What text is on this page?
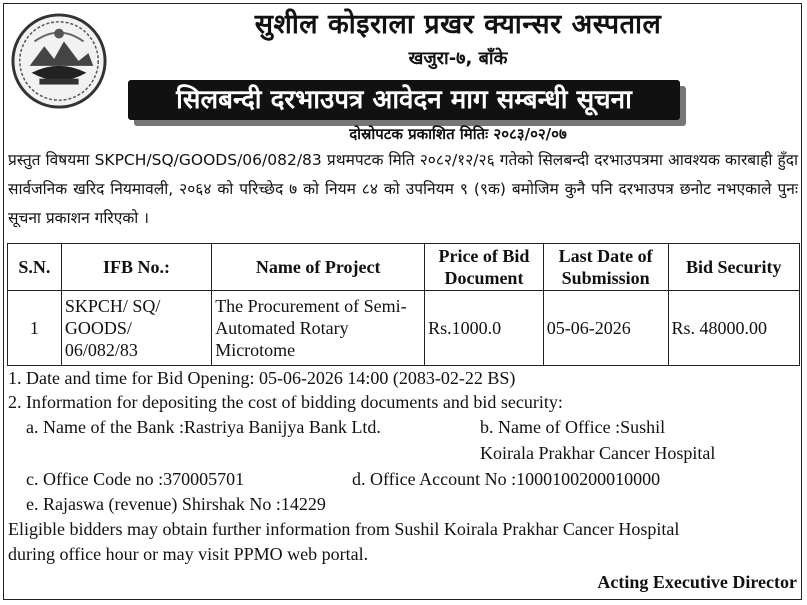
सुशील कोइराला प्रखर क्यान्सर अस्पताल
खजुरा-७, बाँके
सिलबन्दी दरभाउपत्र आवेदन माग सम्बन्धी सूचना
दोस्रोपटक प्रकाशित मितिः २०८३/०२/०७
प्रस्तुत विषयमा SKPCH/SQ/GOODS/06/082/83 प्रथमपटक मिति २०८२/१२/२६ गतेको सिलबन्दी दरभाउपत्रमा आवश्यक कारबाही हुँदा सार्वजनिक खरिद नियमावली, २०६४ को परिच्छेद ७ को नियम ८४ को उपनियम ९ (९क) बमोजिम कुनै पनि दरभाउपत्र छनोट नभएकाले पुनः सूचना प्रकाशन गरिएको ।
S.N.	IFB No.:	Name of Project	Price of Bid Document	Last Date of Submission	Bid Security
1	SKPCH/ SQ/ GOODS/ 06/082/83	The Procurement of Semi-Automated Rotary Microtome	Rs.1000.0	05-06-2026	Rs. 48000.00
1. Date and time for Bid Opening: 05-06-2026 14:00 (2083-02-22 BS)
2. Information for depositing the cost of bidding documents and bid security:
a. Name of the Bank :Rastriya Banijya Bank Ltd.	b. Name of Office :Sushil
Koirala Prakhar Cancer Hospital
c. Office Code no :370005701	d. Office Account No :1000100200010000
e. Rajaswa (revenue) Shirshak No :14229
Eligible bidders may obtain further information from Sushil Koirala Prakhar Cancer Hospital
during office hour or may visit PPMO web portal.
Acting Executive Director
